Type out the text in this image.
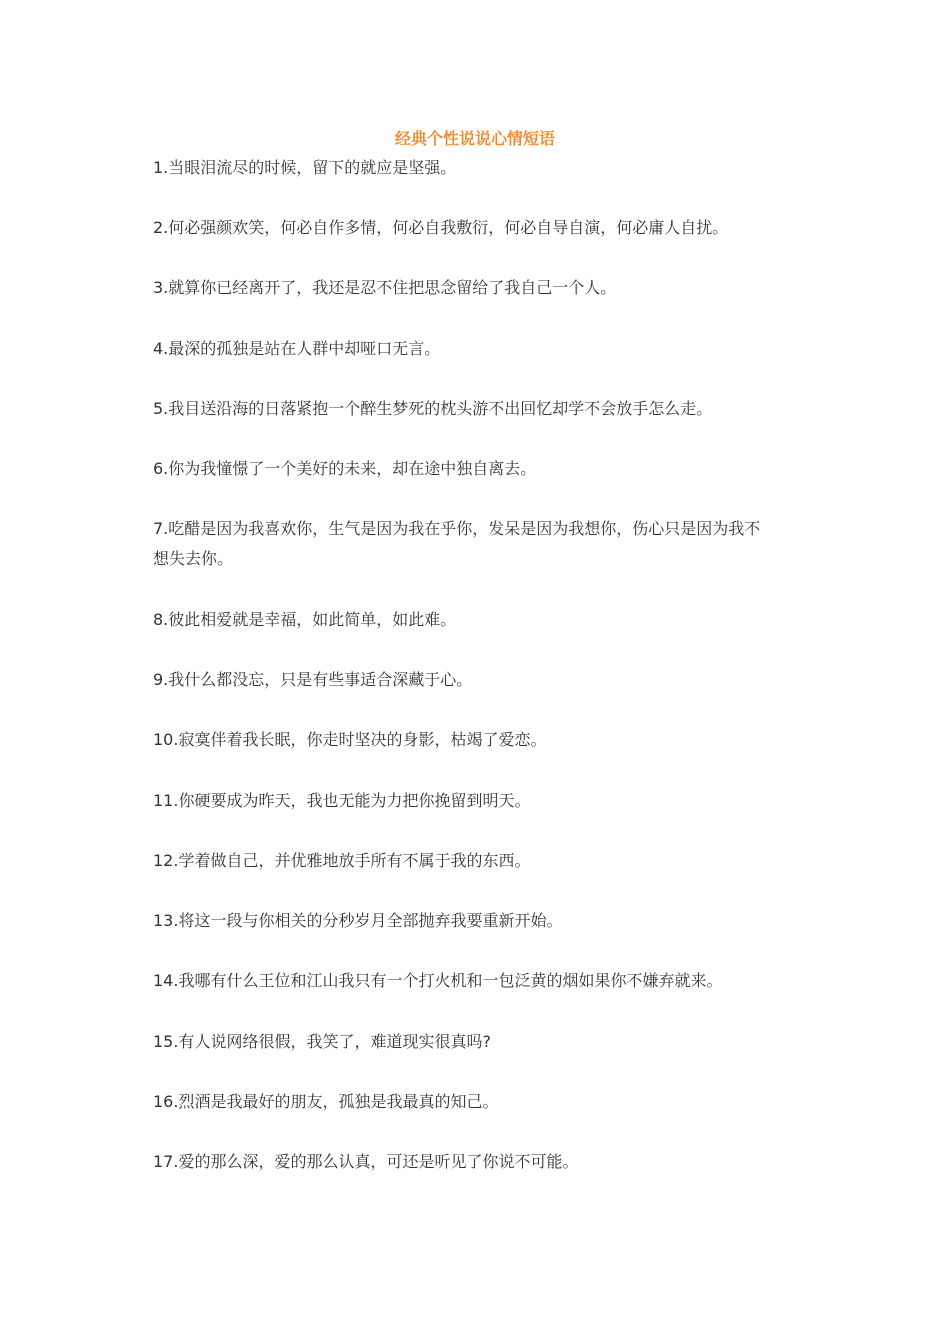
经典个性说说心情短语
1.当眼泪流尽的时候，留下的就应是坚强。
2.何必强颜欢笑，何必自作多情，何必自我敷衍，何必自导自演，何必庸人自扰。
3.就算你已经离开了，我还是忍不住把思念留给了我自己一个人。
4.最深的孤独是站在人群中却哑口无言。
5.我目送沿海的日落紧抱一个醉生梦死的枕头游不出回忆却学不会放手怎么走。
6.你为我憧憬了一个美好的未来，却在途中独自离去。
7.吃醋是因为我喜欢你，生气是因为我在乎你，发呆是因为我想你，伤心只是因为我不
想失去你。
8.彼此相爱就是幸福，如此简单，如此难。
9.我什么都没忘，只是有些事适合深藏于心。
10.寂寞伴着我长眠，你走时坚决的身影，枯竭了爱恋。
11.你硬要成为昨天，我也无能为力把你挽留到明天。
12.学着做自己，并优雅地放手所有不属于我的东西。
13.将这一段与你相关的分秒岁月全部抛弃我要重新开始。
14.我哪有什么王位和江山我只有一个打火机和一包泛黄的烟如果你不嫌弃就来。
15.有人说网络很假，我笑了，难道现实很真吗?
16.烈酒是我最好的朋友，孤独是我最真的知己。
17.爱的那么深，爱的那么认真，可还是听见了你说不可能。
